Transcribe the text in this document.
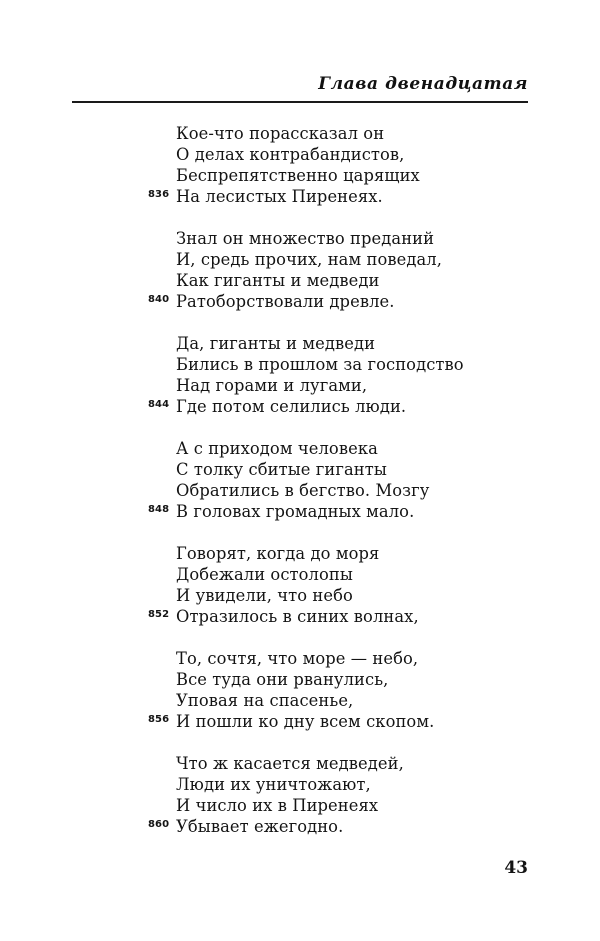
Глава двенадцатая
Кое-что порассказал он
О делах контрабандистов,
Беспрепятственно царящих
836 На лесистых Пиренеях.
Знал он множество преданий
И, средь прочих, нам поведал,
Как гиганты и медведи
840 Ратоборствовали древле.
Да, гиганты и медведи
Бились в прошлом за господство
Над горами и лугами,
844 Где потом селились люди.
А с приходом человека
С толку сбитые гиганты
Обратились в бегство. Мозгу
848 В головах громадных мало.
Говорят, когда до моря
Добежали остолопы
И увидели, что небо
852 Отразилось в синих волнах,
То, сочтя, что море — небо,
Все туда они рванулись,
Уповая на спасенье,
856 И пошли ко дну всем скопом.
Что ж касается медведей,
Люди их уничтожают,
И число их в Пиренеях
860 Убывает ежегодно.
43
